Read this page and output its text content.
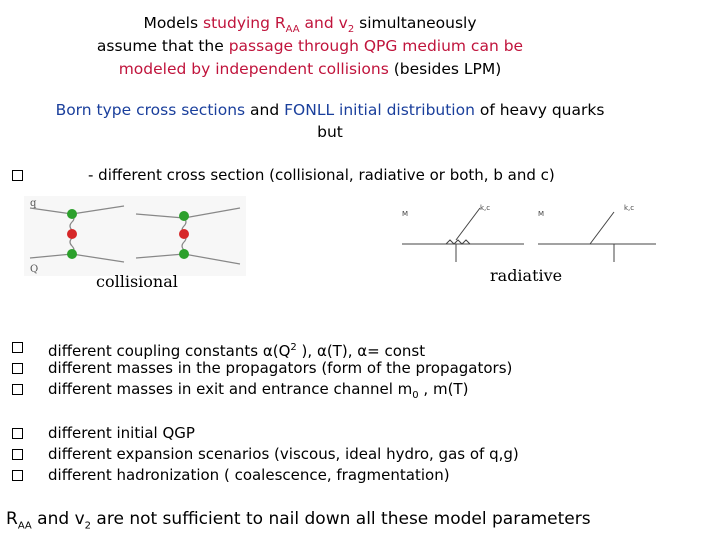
Models studying $R_{AA}$ and $v_2$ simultaneously
assume that the passage through QPG medium can be
modeled by independent collisions (besides LPM)
Born type cross sections and FONLL initial distribution of heavy quarks
but
- different cross section (collisional, radiative or both, b and c)
q
Q
collisional
M
k,c
M
k,c
radiative
different coupling constants $\alpha(Q^2$ ), α(T), α= const
different masses in the propagators (form of the propagators)
different masses in exit and entrance channel $m_0$ , m(T)
different initial QGP
different expansion scenarios (viscous, ideal hydro, gas of q,g)
different hadronization ( coalescence, fragmentation)
$R_{AA}$ and $v_2$ are not sufficient to nail down all these model parameters
